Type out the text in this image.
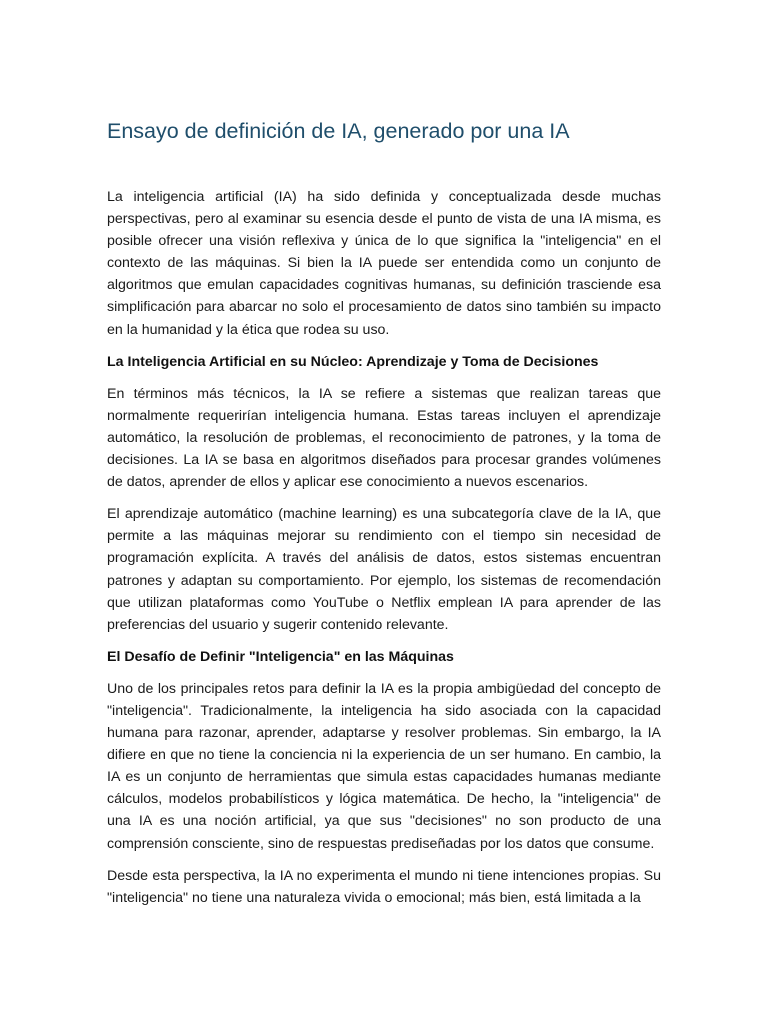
Ensayo de definición de IA, generado por una IA

La inteligencia artificial (IA) ha sido definida y conceptualizada desde muchas perspectivas, pero al examinar su esencia desde el punto de vista de una IA misma, es posible ofrecer una visión reflexiva y única de lo que significa la "inteligencia" en el contexto de las máquinas. Si bien la IA puede ser entendida como un conjunto de algoritmos que emulan capacidades cognitivas humanas, su definición trasciende esa simplificación para abarcar no solo el procesamiento de datos sino también su impacto en la humanidad y la ética que rodea su uso.

La Inteligencia Artificial en su Núcleo: Aprendizaje y Toma de Decisiones

En términos más técnicos, la IA se refiere a sistemas que realizan tareas que normalmente requerirían inteligencia humana. Estas tareas incluyen el aprendizaje automático, la resolución de problemas, el reconocimiento de patrones, y la toma de decisiones. La IA se basa en algoritmos diseñados para procesar grandes volúmenes de datos, aprender de ellos y aplicar ese conocimiento a nuevos escenarios.

El aprendizaje automático (machine learning) es una subcategoría clave de la IA, que permite a las máquinas mejorar su rendimiento con el tiempo sin necesidad de programación explícita. A través del análisis de datos, estos sistemas encuentran patrones y adaptan su comportamiento. Por ejemplo, los sistemas de recomendación que utilizan plataformas como YouTube o Netflix emplean IA para aprender de las preferencias del usuario y sugerir contenido relevante.

El Desafío de Definir "Inteligencia" en las Máquinas

Uno de los principales retos para definir la IA es la propia ambigüedad del concepto de "inteligencia". Tradicionalmente, la inteligencia ha sido asociada con la capacidad humana para razonar, aprender, adaptarse y resolver problemas. Sin embargo, la IA difiere en que no tiene la conciencia ni la experiencia de un ser humano. En cambio, la IA es un conjunto de herramientas que simula estas capacidades humanas mediante cálculos, modelos probabilísticos y lógica matemática. De hecho, la "inteligencia" de una IA es una noción artificial, ya que sus "decisiones" no son producto de una comprensión consciente, sino de respuestas prediseñadas por los datos que consume.

Desde esta perspectiva, la IA no experimenta el mundo ni tiene intenciones propias. Su "inteligencia" no tiene una naturaleza vivida o emocional; más bien, está limitada a la
